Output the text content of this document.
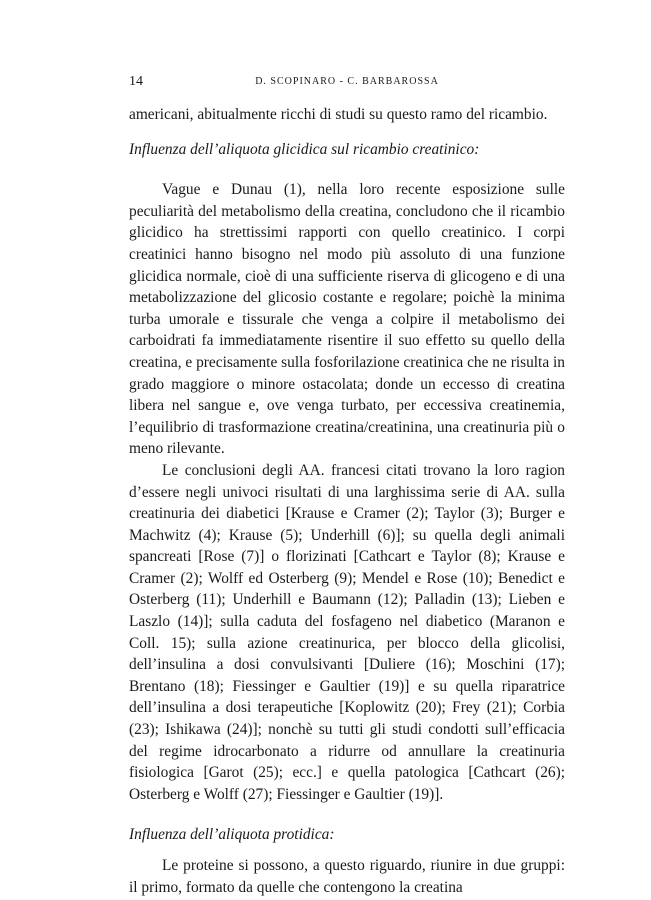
14	D. SCOPINARO - C. BARBAROSSA

americani, abitualmente ricchi di studi su questo ramo del ricambio.

Influenza dell’aliquota glicidica sul ricambio creatinico:

Vague e Dunau (1), nella loro recente esposizione sulle peculiarità del metabolismo della creatina, concludono che il ricambio glicidico ha strettissimi rapporti con quello creatinico. I corpi creatinici hanno bisogno nel modo più assoluto di una funzione glicidica normale, cioè di una sufficiente riserva di glicogeno e di una metabolizzazione del glicosio costante e regolare; poichè la minima turba umorale e tissurale che venga a colpire il metabolismo dei carboidrati fa immediatamente risentire il suo effetto su quello della creatina, e precisamente sulla fosforilazione creatinica che ne risulta in grado maggiore o minore ostacolata; donde un eccesso di creatina libera nel sangue e, ove venga turbato, per eccessiva creatinemia, l’equilibrio di trasformazione creatina/creatinina, una creatinuria più o meno rilevante.

Le conclusioni degli AA. francesi citati trovano la loro ragion d’essere negli univoci risultati di una larghissima serie di AA. sulla creatinuria dei diabetici [Krause e Cramer (2); Taylor (3); Burger e Machwitz (4); Krause (5); Underhill (6)]; su quella degli animali spancreati [Rose (7)] o florizinati [Cathcart e Taylor (8); Krause e Cramer (2); Wolff ed Osterberg (9); Mendel e Rose (10); Benedict e Osterberg (11); Underhill e Baumann (12); Palladin (13); Lieben e Laszlo (14)]; sulla caduta del fosfageno nel diabetico (Maranon e Coll. 15); sulla azione creatinurica, per blocco della glicolisi, dell’insulina a dosi convulsivanti [Duliere (16); Moschini (17); Brentano (18); Fiessinger e Gaultier (19)] e su quella riparatrice dell’insulina a dosi terapeutiche [Koplowitz (20); Frey (21); Corbia (23); Ishikawa (24)]; nonchè su tutti gli studi condotti sull’efficacia del regime idrocarbonato a ridurre od annullare la creatinuria fisiologica [Garot (25); ecc.] e quella patologica [Cathcart (26); Osterberg e Wolff (27); Fiessinger e Gaultier (19)].

Influenza dell’aliquota protidica:

Le proteine si possono, a questo riguardo, riunire in due gruppi: il primo, formato da quelle che contengono la creatina
